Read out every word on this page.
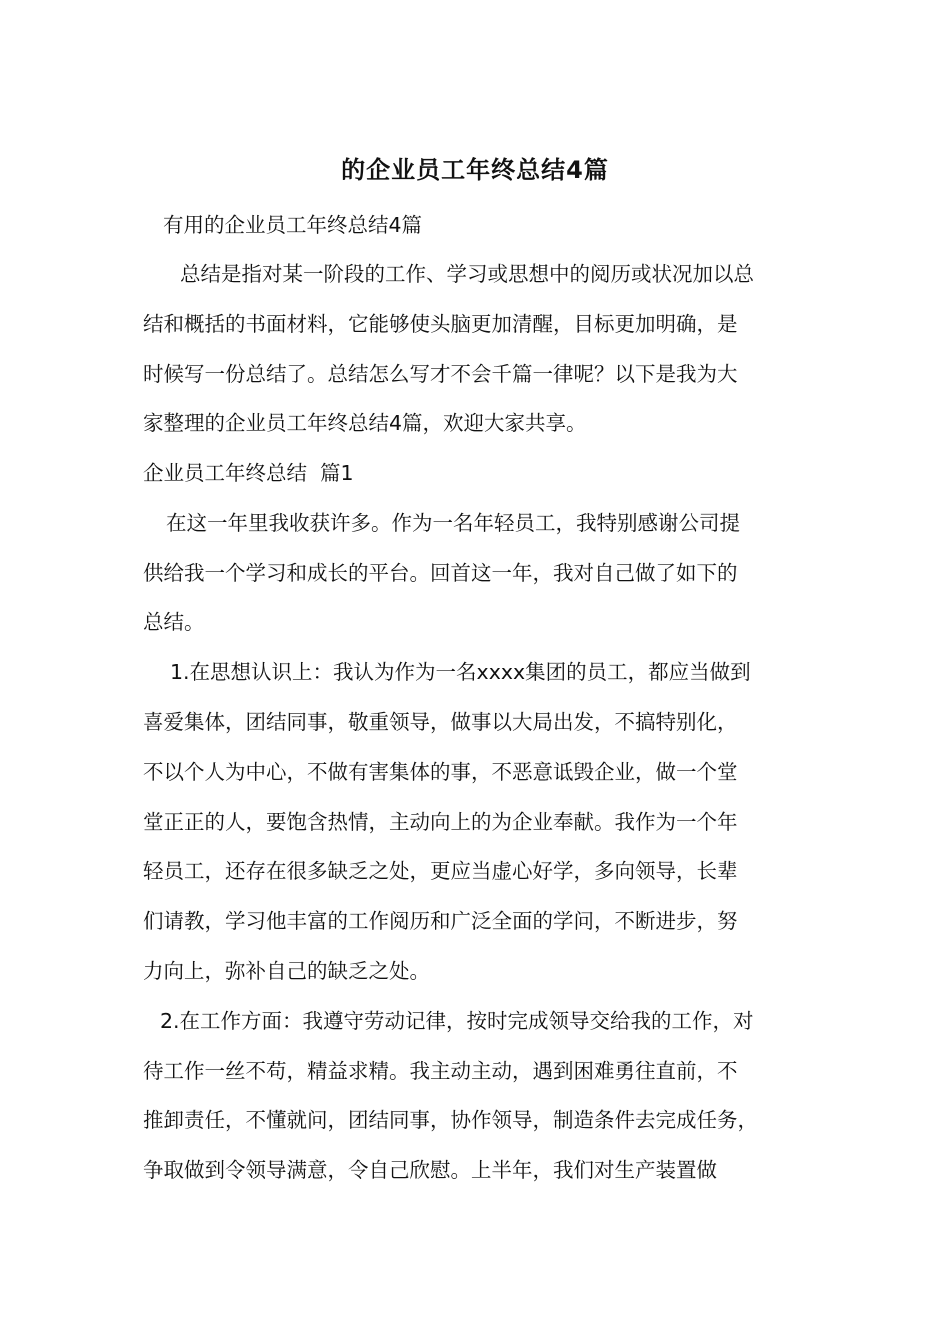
的企业员工年终总结4篇
有用的企业员工年终总结4篇
总结是指对某一阶段的工作、学习或思想中的阅历或状况加以总
结和概括的书面材料，它能够使头脑更加清醒，目标更加明确，是
时候写一份总结了。总结怎么写才不会千篇一律呢？以下是我为大
家整理的企业员工年终总结4篇，欢迎大家共享。
企业员工年终总结  篇1
在这一年里我收获许多。作为一名年轻员工，我特别感谢公司提
供给我一个学习和成长的平台。回首这一年，我对自己做了如下的
总结。
1.在思想认识上：我认为作为一名xxxx集团的员工，都应当做到
喜爱集体，团结同事，敬重领导，做事以大局出发，不搞特别化，
不以个人为中心，不做有害集体的事，不恶意诋毁企业，做一个堂
堂正正的人，要饱含热情，主动向上的为企业奉献。我作为一个年
轻员工，还存在很多缺乏之处，更应当虚心好学，多向领导，长辈
们请教，学习他丰富的工作阅历和广泛全面的学问，不断进步，努
力向上，弥补自己的缺乏之处。
2.在工作方面：我遵守劳动记律，按时完成领导交给我的工作，对
待工作一丝不苟，精益求精。我主动主动，遇到困难勇往直前，不
推卸责任，不懂就问，团结同事，协作领导，制造条件去完成任务，
争取做到令领导满意，令自己欣慰。上半年，我们对生产装置做
